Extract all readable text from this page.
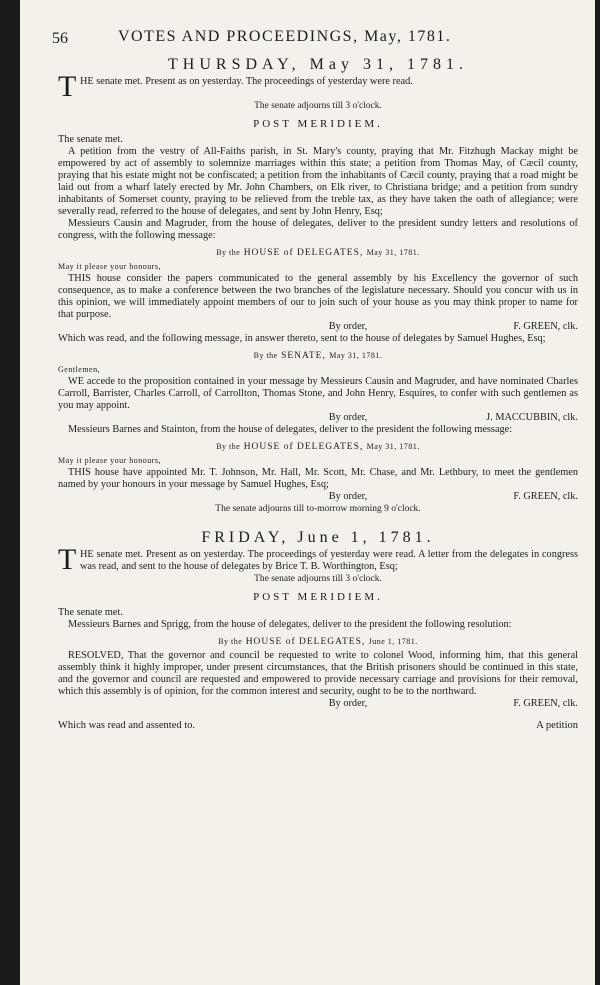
56	VOTES AND PROCEEDINGS, May, 1781.
THURSDAY, May 31, 1781.

T HE senate met. Present as on yesterday. The proceedings of yesterday were read.

The senate adjourns till 3 o'clock.

POST MERIDIEM.

The senate met.

A petition from the vestry of All-Faiths parish, in St. Mary's county, praying that Mr. Fitzhugh Mackay might be empowered by act of assembly to solemnize marriages within this state; a petition from Thomas May, of Cæcil county, praying that his estate might not be confiscated; a petition from the inhabitants of Cæcil county, praying that a road might be laid out from a wharf lately erected by Mr. John Chambers, on Elk river, to Christiana bridge; and a petition from sundry inhabitants of Somerset county, praying to be relieved from the treble tax, as they have taken the oath of allegiance; were severally read, referred to the house of delegates, and sent by John Henry, Esq;

Messieurs Causin and Magruder, from the house of delegates, deliver to the president sundry letters and resolutions of congress, with the following message:

By the HOUSE of DELEGATES, May 31, 1781.

May it please your honours,

THIS house consider the papers communicated to the general assembly by his Excellency the governor of such consequence, as to make a conference between the two branches of the legislature necessary. Should you concur with us in this opinion, we will immediately appoint members of our to join such of your house as you may think proper to name for that purpose.

By order,	F. GREEN, clk.

Which was read, and the following message, in answer thereto, sent to the house of delegates by Samuel Hughes, Esq;

By the SENATE, May 31, 1781.

Gentlemen,

WE accede to the proposition contained in your message by Messieurs Causin and Magruder, and have nominated Charles Carroll, Barrister, Charles Carroll, of Carrollton, Thomas Stone, and John Henry, Esquires, to confer with such gentlemen as you may appoint.

By order,	J. MACCUBBIN, clk.

Messieurs Barnes and Stainton, from the house of delegates, deliver to the president the following message:

By the HOUSE of DELEGATES, May 31, 1781.

May it please your honours,

THIS house have appointed Mr. T. Johnson, Mr. Hall, Mr. Scott, Mr. Chase, and Mr. Lethbury, to meet the gentlemen named by your honours in your message by Samuel Hughes, Esq;

By order,	F. GREEN, clk.

The senate adjourns till to-morrow morning 9 o'clock.

FRIDAY, June 1, 1781.

T HE senate met. Present as on yesterday. The proceedings of yesterday were read. A letter from the delegates in congress was read, and sent to the house of delegates by Brice T. B. Worthington, Esq;

The senate adjourns till 3 o'clock.

POST MERIDIEM.

The senate met.

Messieurs Barnes and Sprigg, from the house of delegates, deliver to the president the following resolution:

By the HOUSE of DELEGATES, June 1, 1781.

RESOLVED, That the governor and council be requested to write to colonel Wood, informing him, that this general assembly think it highly improper, under present circumstances, that the British prisoners should be continued in this state, and the governor and council are requested and empowered to provide necessary carriage and provisions for their removal, which this assembly is of opinion, for the common interest and security, ought to be to the northward.

By order,	F. GREEN, clk.
Which was read and assented to.	A petition
